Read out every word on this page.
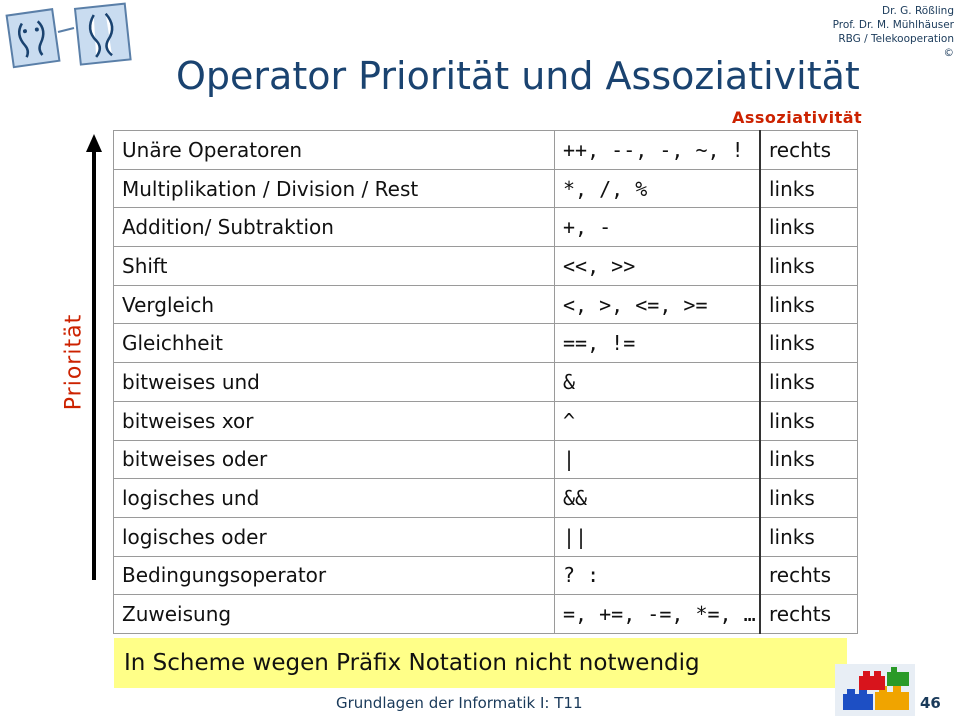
Dr. G. Rößling
Prof. Dr. M. Mühlhäuser
RBG / Telekooperation
©
Operator Priorität und Assoziativität
Assoziativität
Priorität
Unäre Operatoren	++, --, -, ~, !	rechts
Multiplikation / Division / Rest	*, /, %	links
Addition/ Subtraktion	+, -	links
Shift	<<, >>	links
Vergleich	<, >, <=, >=	links
Gleichheit	==, !=	links
bitweises und	&	links
bitweises xor	^	links
bitweises oder	|	links
logisches und	&&	links
logisches oder	||	links
Bedingungsoperator	? :	rechts
Zuweisung	=, +=, -=, *=, …	rechts
In Scheme wegen Präfix Notation nicht notwendig
Grundlagen der Informatik I: T11	46
